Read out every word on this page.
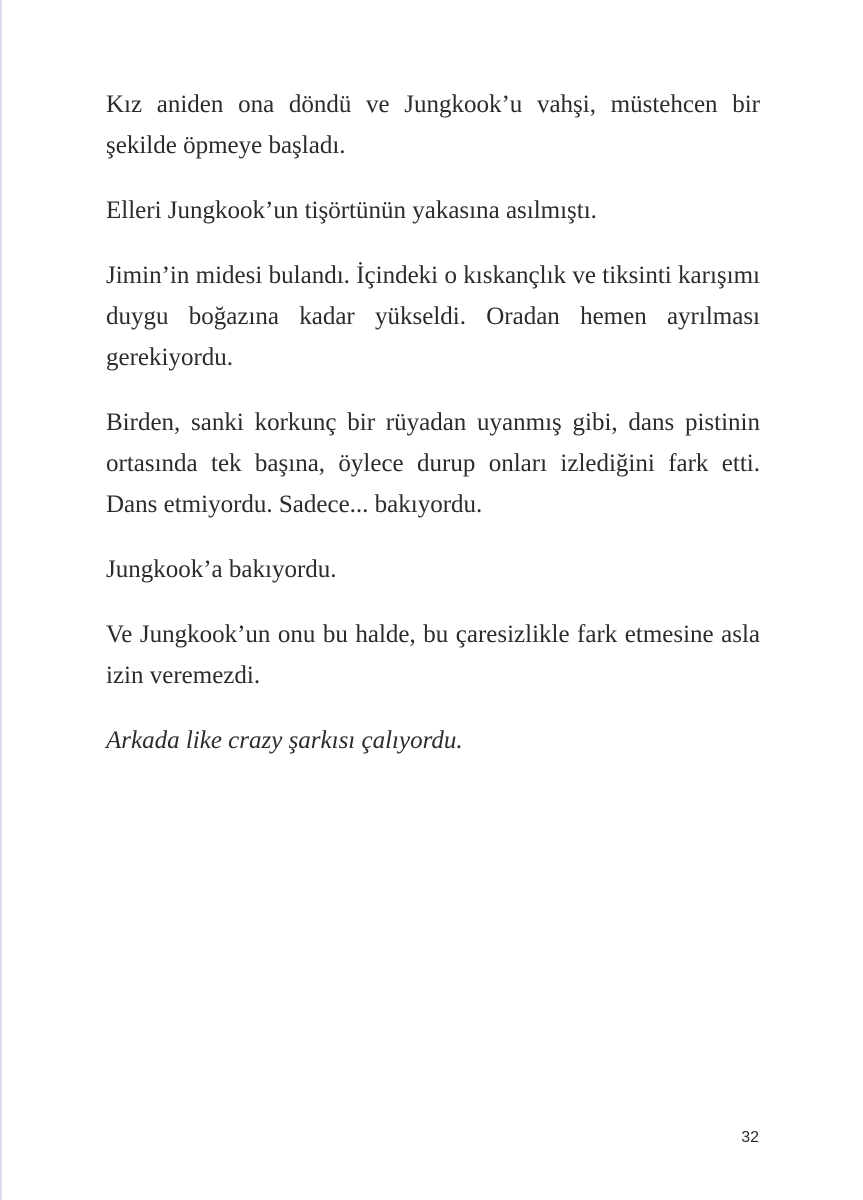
Kız aniden ona döndü ve Jungkook’u vahşi, müstehcen bir şekilde öpmeye başladı.

Elleri Jungkook’un tişörtünün yakasına asılmıştı.

Jimin’in midesi bulandı. İçindeki o kıskançlık ve tiksinti karışımı duygu boğazına kadar yükseldi. Oradan hemen ayrılması gerekiyordu.

Birden, sanki korkunç bir rüyadan uyanmış gibi, dans pistinin ortasında tek başına, öylece durup onları izlediğini fark etti. Dans etmiyordu. Sadece... bakıyordu.

Jungkook’a bakıyordu.

Ve Jungkook’un onu bu halde, bu çaresizlikle fark etmesine asla izin veremezdi.

Arkada like crazy şarkısı çalıyordu.

32
